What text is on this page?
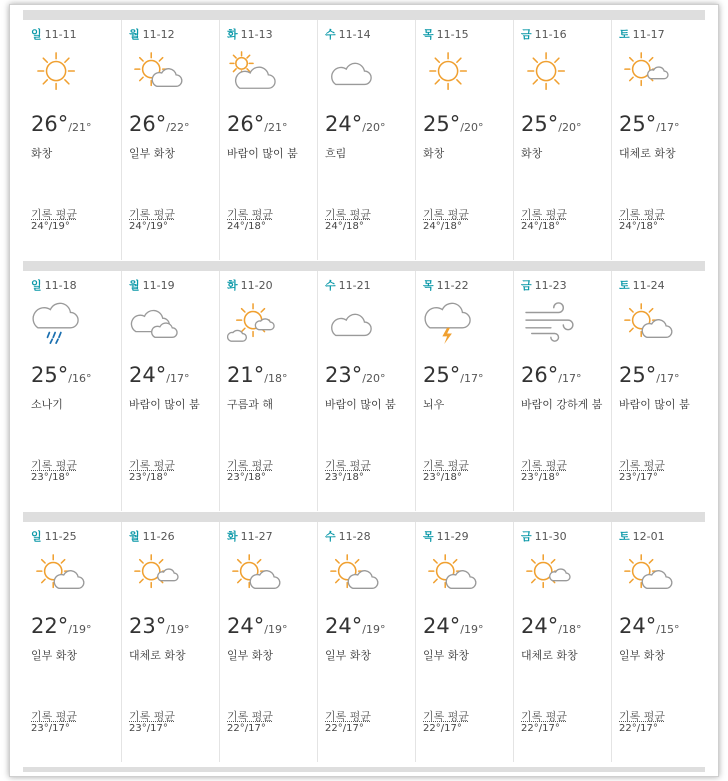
일 11-11
26°/21°
화창
기록 평균
24°/19°
월 11-12
26°/22°
일부 화창
기록 평균
24°/19°
화 11-13
26°/21°
바람이 많이 붐
기록 평균
24°/18°
수 11-14
24°/20°
흐림
기록 평균
24°/18°
목 11-15
25°/20°
화창
기록 평균
24°/18°
금 11-16
25°/20°
화창
기록 평균
24°/18°
토 11-17
25°/17°
대체로 화창
기록 평균
24°/18°
일 11-18
25°/16°
소나기
기록 평균
23°/18°
월 11-19
24°/17°
바람이 많이 붐
기록 평균
23°/18°
화 11-20
21°/18°
구름과 해
기록 평균
23°/18°
수 11-21
23°/20°
바람이 많이 붐
기록 평균
23°/18°
목 11-22
25°/17°
뇌우
기록 평균
23°/18°
금 11-23
26°/17°
바람이 강하게 붐
기록 평균
23°/18°
토 11-24
25°/17°
바람이 많이 붐
기록 평균
23°/17°
일 11-25
22°/19°
일부 화창
기록 평균
23°/17°
월 11-26
23°/19°
대체로 화창
기록 평균
23°/17°
화 11-27
24°/19°
일부 화창
기록 평균
22°/17°
수 11-28
24°/19°
일부 화창
기록 평균
22°/17°
목 11-29
24°/19°
일부 화창
기록 평균
22°/17°
금 11-30
24°/18°
대체로 화창
기록 평균
22°/17°
토 12-01
24°/15°
일부 화창
기록 평균
22°/17°
